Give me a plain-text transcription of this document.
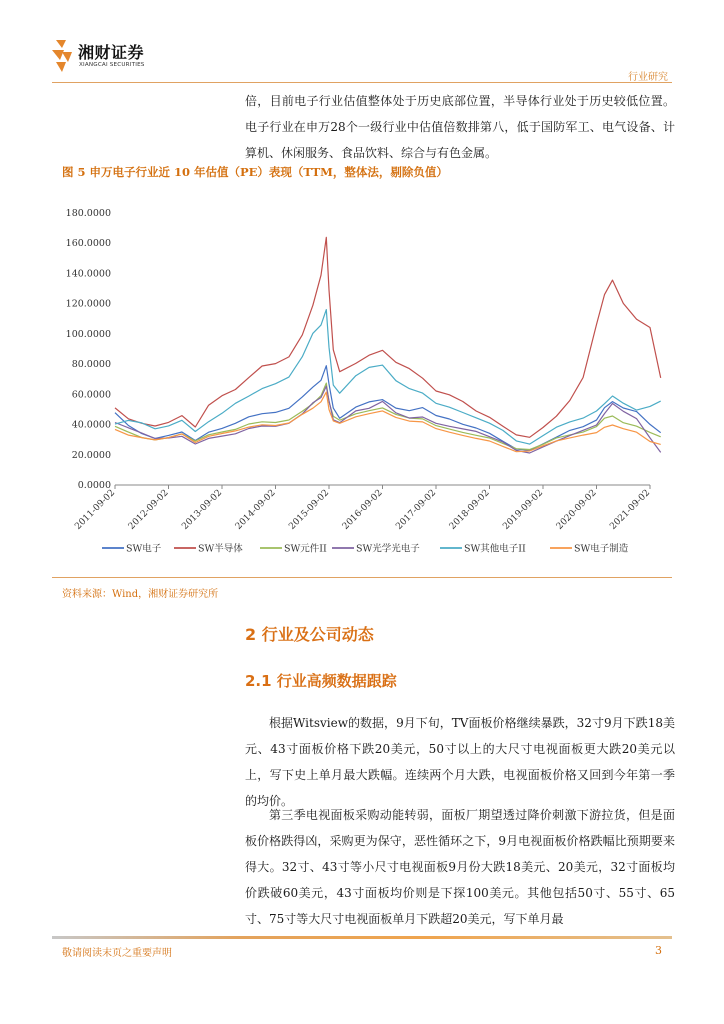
湘财证券
XIANGCAI SECURITIES
行业研究
倍，目前电子行业估值整体处于历史底部位置，半导体行业处于历史较低位置。电子行业在申万28个一级行业中估值倍数排第八，低于国防军工、电气设备、计算机、休闲服务、食品饮料、综合与有色金属。
图 5 申万电子行业近 10 年估值（PE）表现（TTM，整体法，剔除负值）
180.0000
160.0000
140.0000
120.0000
100.0000
80.0000
60.0000
40.0000
20.0000
0.0000
2011-09-02 2012-09-02 2013-09-02 2014-09-02 2015-09-02 2016-09-02 2017-09-02 2018-09-02 2019-09-02 2020-09-02 2021-09-02
SW电子	SW半导体	SW元件II	SW光学光电子	SW其他电子II	SW电子制造
资料来源：Wind，湘财证券研究所
2 行业及公司动态
2.1 行业高频数据跟踪
根据Witsview的数据，9月下旬，TV面板价格继续暴跌，32寸9月下跌18美元、43寸面板价格下跌20美元，50寸以上的大尺寸电视面板更大跌20美元以上，写下史上单月最大跌幅。连续两个月大跌，电视面板价格又回到今年第一季的均价。
第三季电视面板采购动能转弱，面板厂期望透过降价刺激下游拉货，但是面板价格跌得凶，采购更为保守，恶性循环之下，9月电视面板价格跌幅比预期要来得大。32寸、43寸等小尺寸电视面板9月份大跌18美元、20美元，32寸面板均价跌破60美元，43寸面板均价则是下探100美元。其他包括50寸、55寸、65寸、75寸等大尺寸电视面板单月下跌超20美元，写下单月最
敬请阅读末页之重要声明	3
